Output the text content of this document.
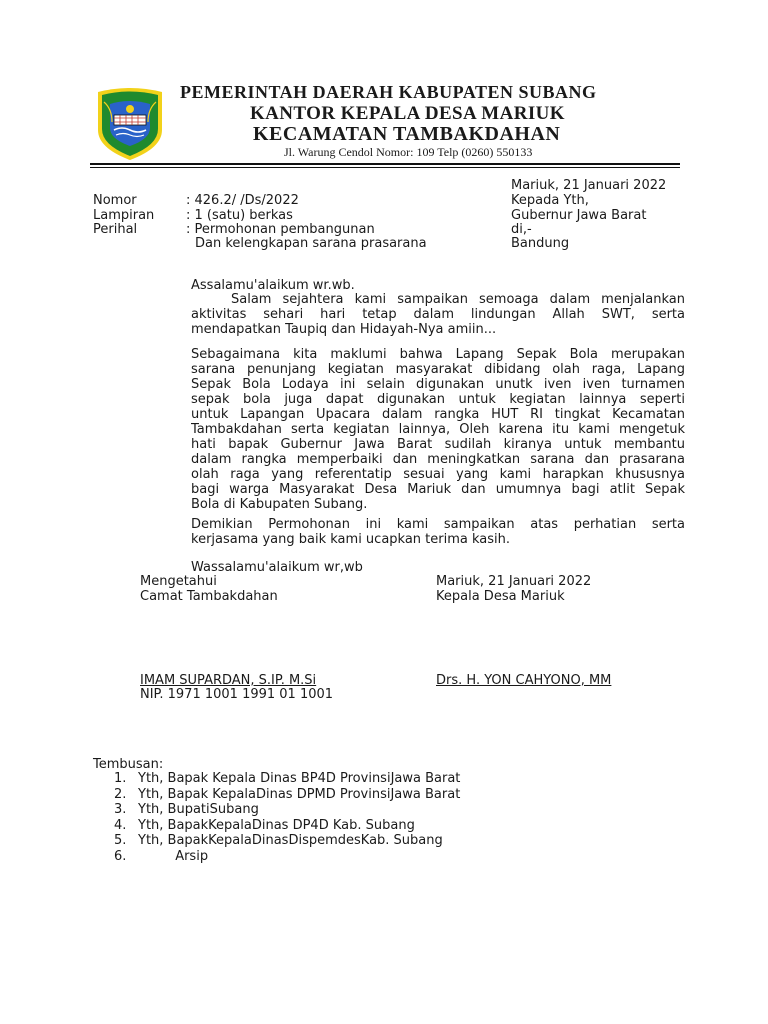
PEMERINTAH DAERAH KABUPATEN SUBANG
KANTOR KEPALA DESA MARIUK
KECAMATAN TAMBAKDAHAN
Jl. Warung Cendol Nomor: 109 Telp (0260) 550133
Mariuk, 21 Januari 2022
Nomor	: 426.2/ /Ds/2022
Lampiran : 1 (satu) berkas
Perihal	: Permohonan pembangunan
Dan kelengkapan sarana prasarana
Kepada Yth,
Gubernur Jawa Barat
di,-
Bandung
Assalamu'alaikum wr.wb.
Salam sejahtera kami sampaikan semoaga dalam menjalankan
aktivitas sehari hari tetap dalam lindungan Allah SWT, serta
mendapatkan Taupiq dan Hidayah-Nya amiin...
Sebagaimana kita maklumi bahwa Lapang Sepak Bola merupakan
sarana penunjang kegiatan masyarakat dibidang olah raga, Lapang
Sepak Bola Lodaya ini selain digunakan unutk iven iven turnamen
sepak bola juga dapat digunakan untuk kegiatan lainnya seperti
untuk Lapangan Upacara dalam rangka HUT RI tingkat Kecamatan
Tambakdahan serta kegiatan lainnya, Oleh karena itu kami mengetuk
hati bapak Gubernur Jawa Barat sudilah kiranya untuk membantu
dalam rangka memperbaiki dan meningkatkan sarana dan prasarana
olah raga yang referentatip sesuai yang kami harapkan khususnya
bagi warga Masyarakat Desa Mariuk dan umumnya bagi atlit Sepak
Bola di Kabupaten Subang.
Demikian Permohonan ini kami sampaikan atas perhatian serta
kerjasama yang baik kami ucapkan terima kasih.
Wassalamu'alaikum wr,wb
Mengetahui
Camat Tambakdahan
Mariuk, 21 Januari 2022
Kepala Desa Mariuk
IMAM SUPARDAN, S.IP. M.Si
NIP. 1971 1001 1991 01 1001
Drs. H. YON CAHYONO, MM
Tembusan:
1. Yth, Bapak Kepala Dinas BP4D ProvinsiJawa Barat
2. Yth, Bapak KepalaDinas DPMD ProvinsiJawa Barat
3. Yth, BupatiSubang
4. Yth, BapakKepalaDinas DP4D Kab. Subang
5. Yth, BapakKepalaDinasDispemdesKab. Subang
6.         Arsip
